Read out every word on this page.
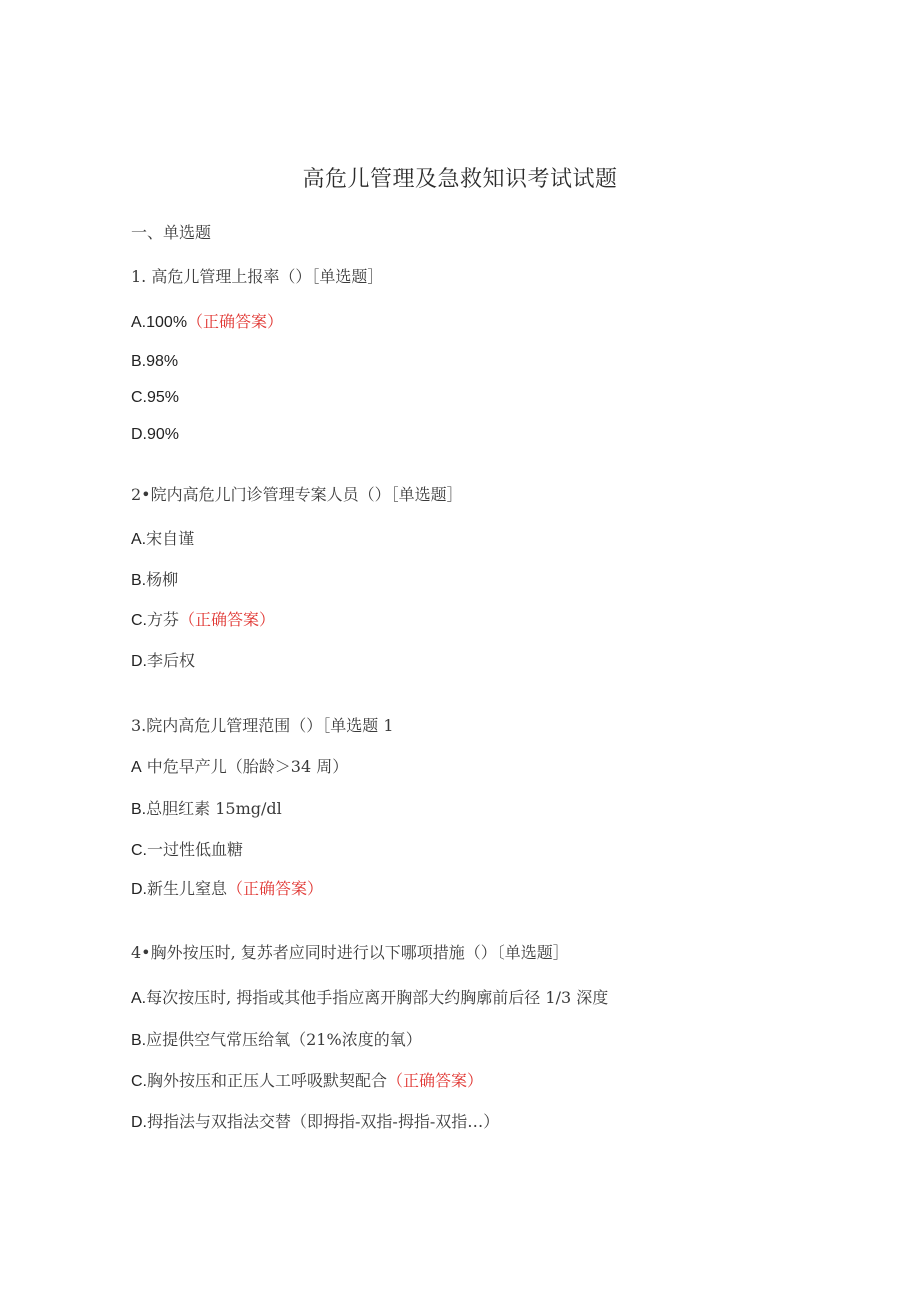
高危儿管理及急救知识考试试题
一、单选题
1. 高危儿管理上报率（）［单选题］
A.100%（正确答案）
B.98%
C.95%
D.90%
2•院内高危儿门诊管理专案人员（）［单选题］
A.宋自谨
B.杨柳
C.方芬（正确答案）
D.李后权
3.院内高危儿管理范围（）［单选题 1
A 中危早产儿（胎龄＞34 周）
B.总胆红素 15mg∕dl
C.一过性低血糖
D.新生儿窒息（正确答案）
4•胸外按压时, 复苏者应同时进行以下哪项措施（）〔单选题］
A.每次按压时, 拇指或其他手指应离开胸部大约胸廓前后径 1/3 深度
B.应提供空气常压给氧（21%浓度的氧）
C.胸外按压和正压人工呼吸默契配合（正确答案）
D.拇指法与双指法交替（即拇指-双指-拇指-双指…）
